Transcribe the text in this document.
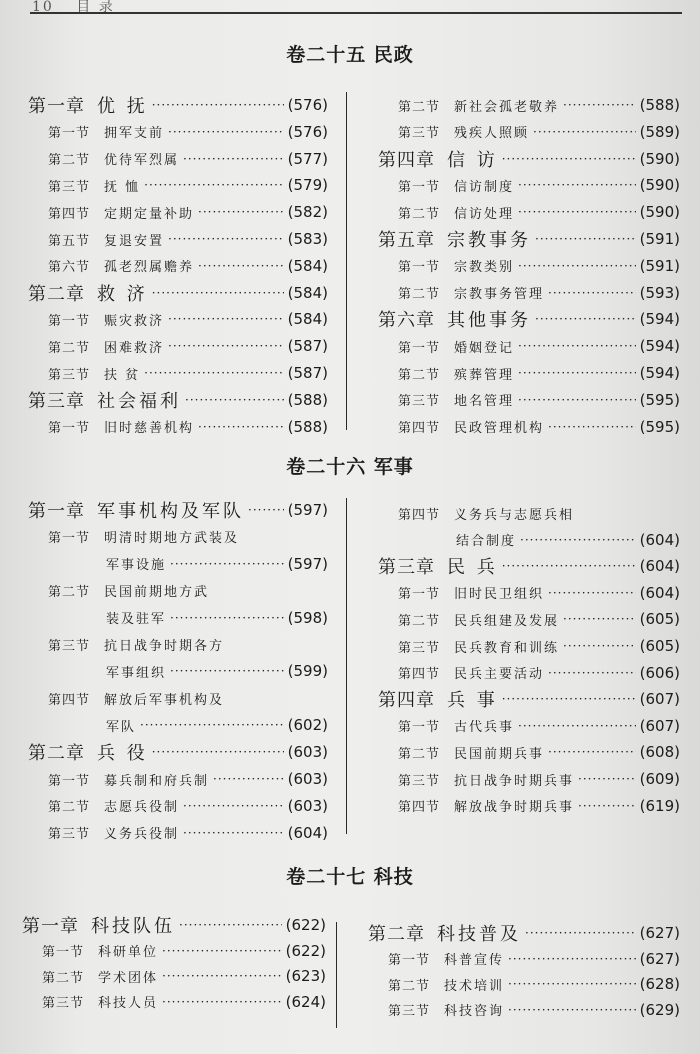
10 目 录
卷二十五 民政
第一章 优 抚 ·····	(576)
第一节 拥军支前 ·····	(576)
第二节 优待军烈属 ·····	(577)
第三节 抚 恤 ·····	(579)
第四节 定期定量补助 ·····	(582)
第五节 复退安置 ·····	(583)
第六节 孤老烈属赡养 ·····	(584)
第二章 救 济 ·····	(584)
第一节 赈灾救济 ·····	(584)
第二节 困难救济 ·····	(587)
第三节 扶 贫 ·····	(587)
第三章 社会福利 ·····	(588)
第一节 旧时慈善机构 ·····	(588)
第二节 新社会孤老敬养 ·····	(588)
第三节 残疾人照顾 ·····	(589)
第四章 信 访 ·····	(590)
第一节 信访制度 ·····	(590)
第二节 信访处理 ·····	(590)
第五章 宗教事务 ·····	(591)
第一节 宗教类别 ·····	(591)
第二节 宗教事务管理 ·····	(593)
第六章 其他事务 ·····	(594)
第一节 婚姻登记 ·····	(594)
第二节 殡葬管理 ·····	(594)
第三节 地名管理 ·····	(595)
第四节 民政管理机构 ·····	(595)
卷二十六 军事
第一章 军事机构及军队 ·····	(597)
第一节 明清时期地方武装及
军事设施 ·····	(597)
第二节 民国前期地方武
装及驻军 ·····	(598)
第三节 抗日战争时期各方
军事组织 ·····	(599)
第四节 解放后军事机构及
军队 ·····	(602)
第二章 兵 役 ·····	(603)
第一节 募兵制和府兵制 ·····	(603)
第二节 志愿兵役制 ·····	(603)
第三节 义务兵役制 ·····	(604)
第四节 义务兵与志愿兵相
结合制度 ·····	(604)
第三章 民 兵 ·····	(604)
第一节 旧时民卫组织 ·····	(604)
第二节 民兵组建及发展 ·····	(605)
第三节 民兵教育和训练 ·····	(605)
第四节 民兵主要活动 ·····	(606)
第四章 兵 事 ·····	(607)
第一节 古代兵事 ·····	(607)
第二节 民国前期兵事 ·····	(608)
第三节 抗日战争时期兵事 ·····	(609)
第四节 解放战争时期兵事 ·····	(619)
卷二十七 科技
第一章 科技队伍 ·····	(622)
第一节 科研单位 ·····	(622)
第二节 学术团体 ·····	(623)
第三节 科技人员 ·····	(624)
第二章 科技普及 ·····	(627)
第一节 科普宣传 ·····	(627)
第二节 技术培训 ·····	(628)
第三节 科技咨询 ·····	(629)
